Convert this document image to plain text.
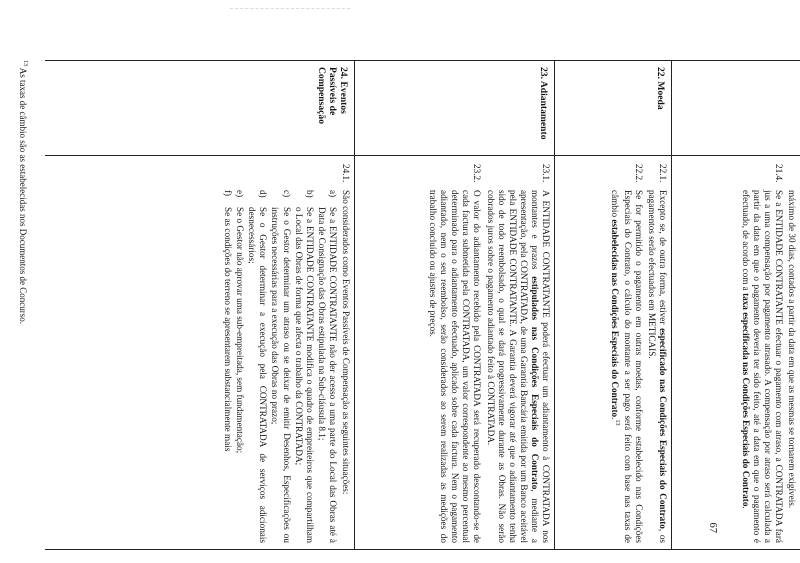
67
máximo de 30 dias, contados a partir da data em que as mesmas se tornarem exigíveis.
21.4.
Se a ENTIDADE CONTRATANTE efectuar o pagamento com atraso, a CONTRATADA fará jus a uma compensação por pagamento atrasado. A compensação por atraso será calculada a partir da data em que o pagamento deveria ter sido feito, até a data em que o pagamento é efectuado, de acordo com a taxa especificada nas Condições Especiais do Contrato.
22. Moeda
22.1.
Excepto se, de outra forma, estiver especificado nas Condições Especiais do Contrato, os pagamentos serão efectuados em METICAIS.
22.2.
Se for permitido o pagamento em outras moedas, conforme estabelecido nas Condições Especiais do Contrato, o cálculo do montante a ser pago será feito com base nas taxas de câmbio estabelecidas nas Condições Especiais do Contrato.$^{13}$
23. Adiantamento
23.1.
A ENTIDADE CONTRATANTE poderá efectuar um adiantamento à CONTRATADA nos montantes e prazos estipulados nas Condições Especiais do Contrato, mediante a apresentação, pela CONTRATADA, de uma Garantia Bancária emitida por um Banco aceitável pela ENTIDADE CONTRATANTE. A Garantia deverá vigorar até que o adiantamento tenha sido de todo reembolsado, o qual se dará progressivamente durante as Obras. Não serão cobrados juros sobre o pagamento adiantado feito à CONTRATADA.
23.2.
O valor do adiantamento recebido pela CONTRATADA será recuperado descontando-se de cada factura submetida pela CONTRATADA, um valor correspondente ao mesmo percentual determinado para o adiantamento efectuado, aplicado sobre cada factura. Nem o pagamento adiantado, nem o seu reembolso, serão considerados ao serem realizadas as medições do trabalho concluído ou ajustes de preços.
24. Eventos Passíveis de Compensação
24.1.
São considerados como Eventos Passíveis de Compensação as seguintes situações:
a)
Se a ENTIDADE CONTRATANTE não der acesso a uma parte do Local das Obras até à Data de Consignação das Obras estipulada na Sub-cláusula 8.1;
b)
Se a ENTIDADE CONTRATANTE modifica o quadro de empreiteiros que compartilham o Local das Obras de forma que afecta o trabalho da CONTRATADA;
c)
Se o Gestor determinar um atraso ou se deixar de emitir Desenhos, Especificações ou instruções necessárias para a execução das Obras no prazo;
d)
Se o Gestor determinar a execução pela CONTRATADA de serviços adicionais desnecessários;
e)
Se o Gestor não aprovar uma sub-empreitada, sem fundamentação;
f)
Se as condições do terreno se apresentarem substancialmente mais
$^{13}$ As taxas de câmbio são as estabelecidas nos Documentos de Concurso.
